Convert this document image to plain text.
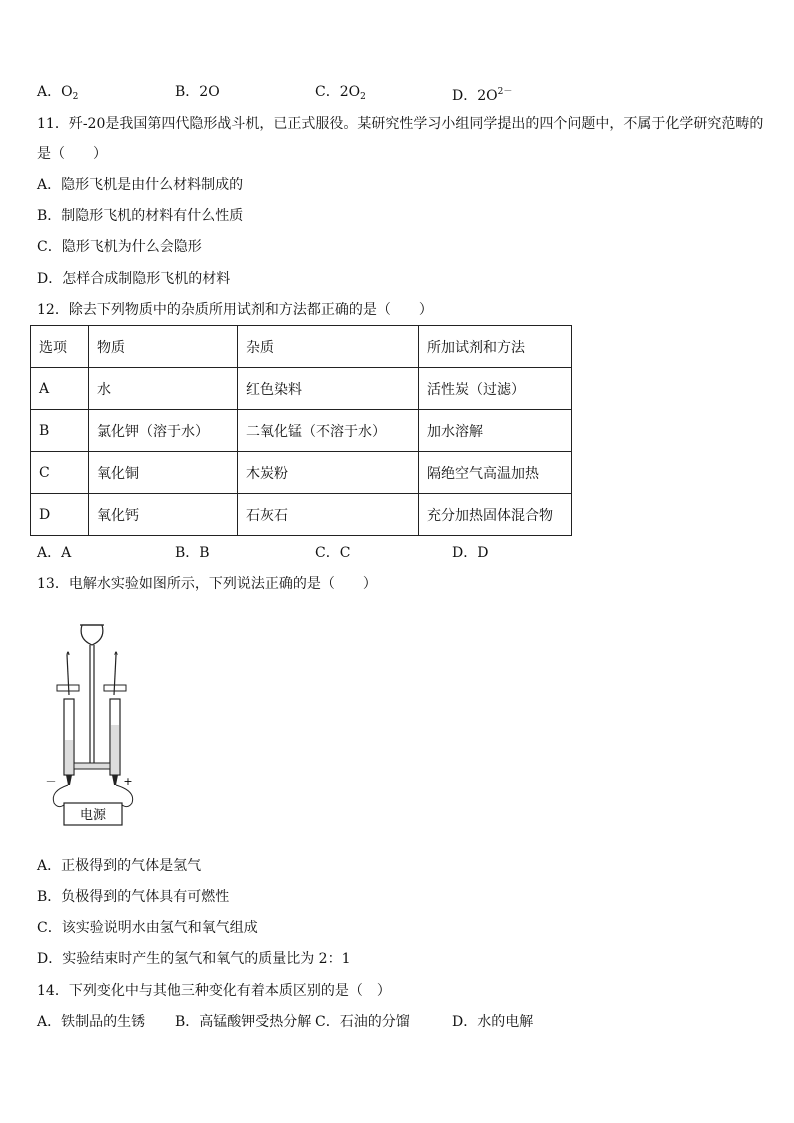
A．$O_2$	B．2O	C．$2O_2$	D．$2O^{2-}$
11．歼-20是我国第四代隐形战斗机，已正式服役。某研究性学习小组同学提出的四个问题中，不属于化学研究范畴的
是（　　）
A．隐形飞机是由什么材料制成的
B．制隐形飞机的材料有什么性质
C．隐形飞机为什么会隐形
D．怎样合成制隐形飞机的材料
12．除去下列物质中的杂质所用试剂和方法都正确的是（　　）
选项	物质	杂质	所加试剂和方法
A	水	红色染料	活性炭（过滤）
B	氯化钾（溶于水）	二氧化锰（不溶于水）	加水溶解
C	氧化铜	木炭粉	隔绝空气高温加热
D	氧化钙	石灰石	充分加热固体混合物
A．A	B．B	C．C	D．D
13．电解水实验如图所示，下列说法正确的是（　　）
电源
－	+
A．正极得到的气体是氢气
B．负极得到的气体具有可燃性
C．该实验说明水由氢气和氧气组成
D．实验结束时产生的氢气和氧气的质量比为 2：1
14．下列变化中与其他三种变化有着本质区别的是（　）
A．铁制品的生锈 B．高锰酸钾受热分解 C．石油的分馏	D．水的电解
